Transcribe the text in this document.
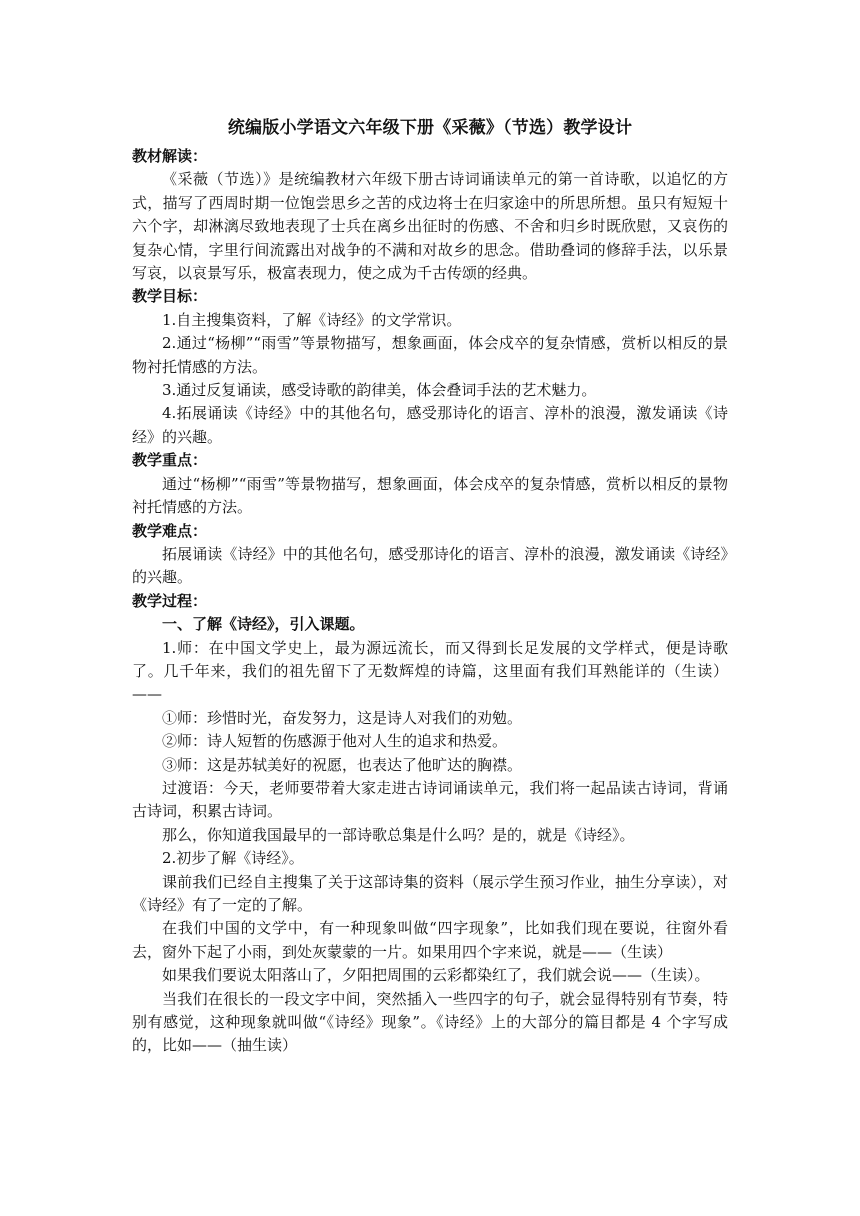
统编版小学语文六年级下册《采薇》（节选）教学设计
教材解读：

《采薇（节选）》是统编教材六年级下册古诗词诵读单元的第一首诗歌，以追忆的方式，描写了西周时期一位饱尝思乡之苦的戍边将士在归家途中的所思所想。虽只有短短十六个字，却淋漓尽致地表现了士兵在离乡出征时的伤感、不舍和归乡时既欣慰，又哀伤的复杂心情，字里行间流露出对战争的不满和对故乡的思念。借助叠词的修辞手法，以乐景写哀，以哀景写乐，极富表现力，使之成为千古传颂的经典。

教学目标：

1.自主搜集资料，了解《诗经》的文学常识。

2.通过“杨柳”“雨雪”等景物描写，想象画面，体会戍卒的复杂情感，赏析以相反的景物衬托情感的方法。

3.通过反复诵读，感受诗歌的韵律美，体会叠词手法的艺术魅力。

4.拓展诵读《诗经》中的其他名句，感受那诗化的语言、淳朴的浪漫，激发诵读《诗经》的兴趣。

教学重点：

通过“杨柳”“雨雪”等景物描写，想象画面，体会戍卒的复杂情感，赏析以相反的景物衬托情感的方法。

教学难点：

拓展诵读《诗经》中的其他名句，感受那诗化的语言、淳朴的浪漫，激发诵读《诗经》的兴趣。

教学过程：

一、了解《诗经》，引入课题。

1.师：在中国文学史上，最为源远流长，而又得到长足发展的文学样式，便是诗歌了。几千年来，我们的祖先留下了无数辉煌的诗篇，这里面有我们耳熟能详的（生读）——

①师：珍惜时光，奋发努力，这是诗人对我们的劝勉。

②师：诗人短暂的伤感源于他对人生的追求和热爱。

③师：这是苏轼美好的祝愿，也表达了他旷达的胸襟。

过渡语：今天，老师要带着大家走进古诗词诵读单元，我们将一起品读古诗词，背诵古诗词，积累古诗词。

那么，你知道我国最早的一部诗歌总集是什么吗？是的，就是《诗经》。

2.初步了解《诗经》。

课前我们已经自主搜集了关于这部诗集的资料（展示学生预习作业，抽生分享读），对《诗经》有了一定的了解。

在我们中国的文学中，有一种现象叫做“四字现象”，比如我们现在要说，往窗外看去，窗外下起了小雨，到处灰蒙蒙的一片。如果用四个字来说，就是——（生读）

如果我们要说太阳落山了，夕阳把周围的云彩都染红了，我们就会说——（生读）。

当我们在很长的一段文字中间，突然插入一些四字的句子，就会显得特别有节奏，特别有感觉，这种现象就叫做“《诗经》现象”。《诗经》上的大部分的篇目都是 4 个字写成的，比如——（抽生读）
